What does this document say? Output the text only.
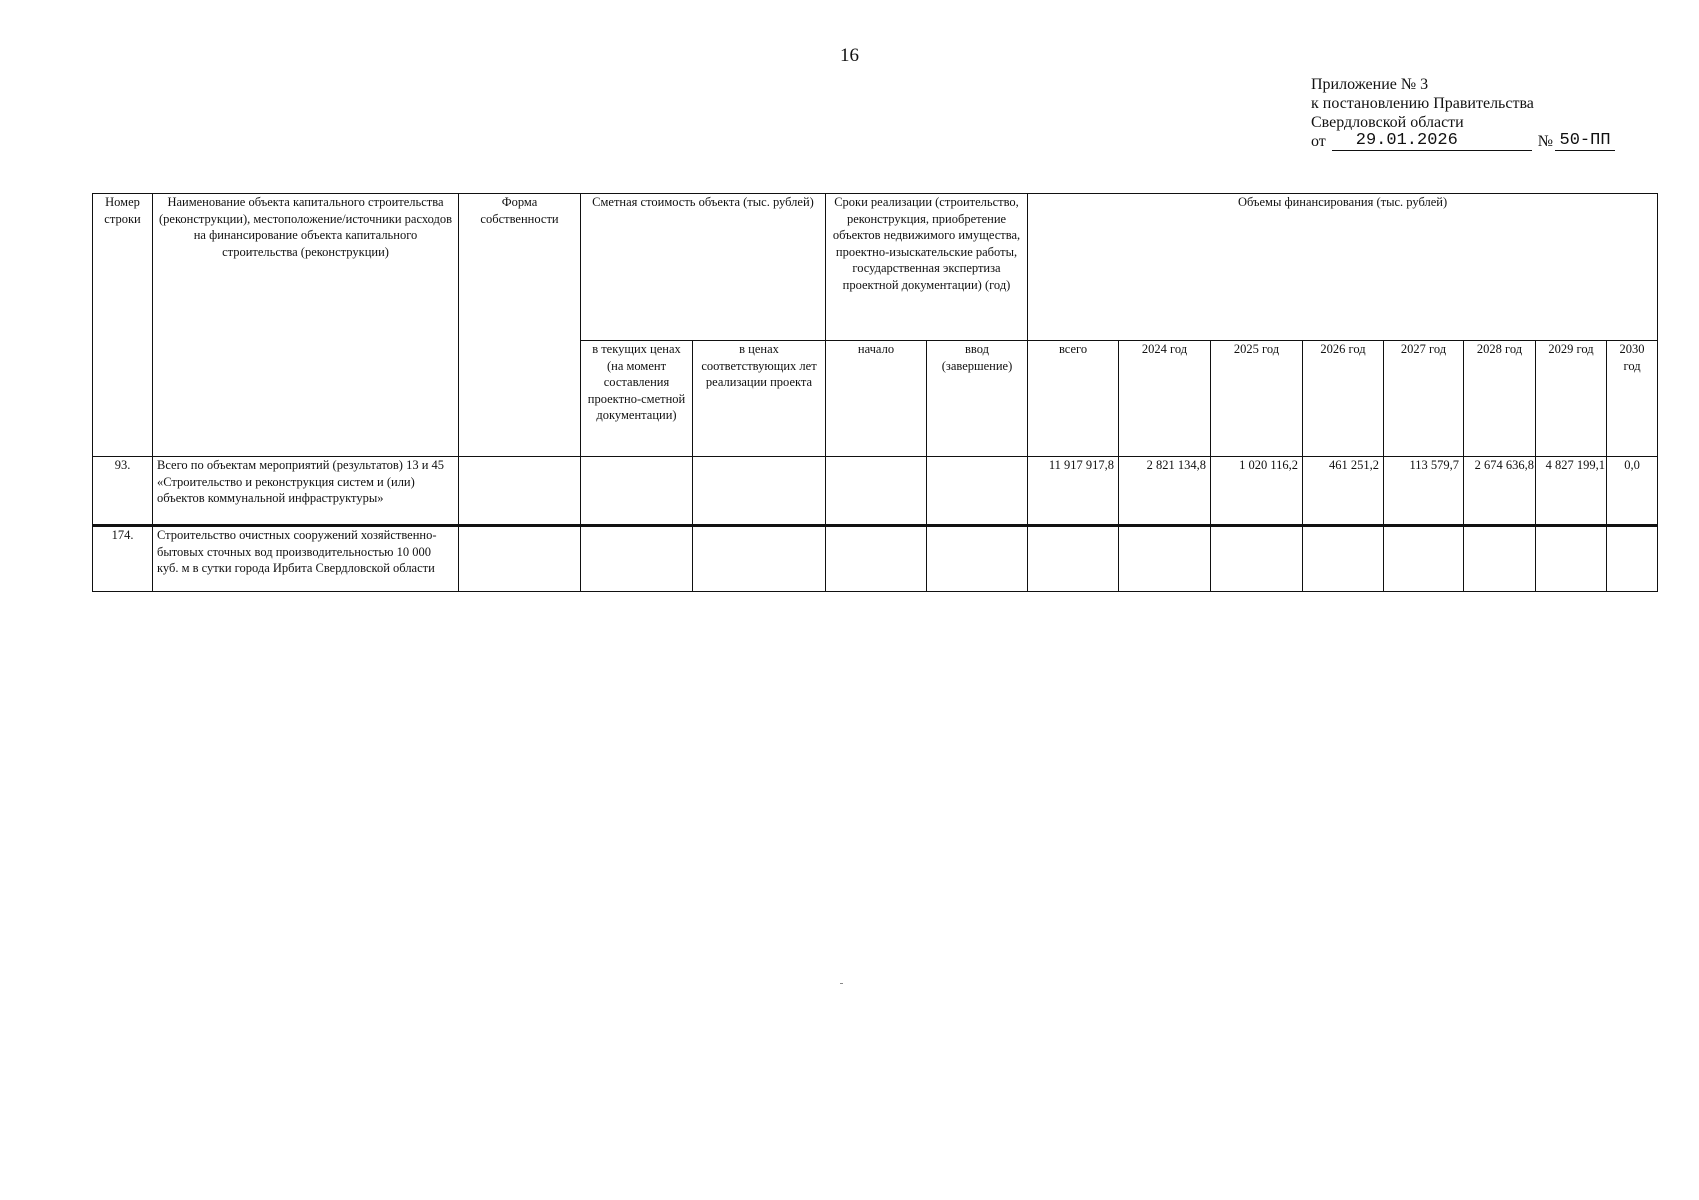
16
Приложение № 3
к постановлению Правительства
Свердловской области
от	29.01.2026	№ 50-ПП
Номер строки	Наименование объекта капитального строительства (реконструкции), местоположение/источники расходов на финансирование объекта капитального строительства (реконструкции)	Форма собственности	Сметная стоимость объекта (тыс. рублей)		Сроки реализации (строительство, реконструкция, приобретение объектов недвижимого имущества, проектно-изыскательские работы, государственная экспертиза проектной документации) (год)		Объемы финансирования (тыс. рублей)							
			в текущих ценах (на момент составления проектно-сметной документации)	в ценах соответствующих лет реализации проекта	начало	ввод (завершение)	всего	2024 год	2025 год	2026 год	2027 год	2028 год	2029 год	2030 год
93.	Всего по объектам мероприятий (результатов) 13 и 45 «Строительство и реконструкция систем и (или) объектов коммунальной инфраструктуры»						11 917 917,8	2 821 134,8	1 020 116,2	461 251,2	113 579,7	2 674 636,8	4 827 199,1	0,0
174.	Строительство очистных сооружений хозяйственно-бытовых сточных вод производительностью 10 000 куб. м в сутки города Ирбита Свердловской области													
